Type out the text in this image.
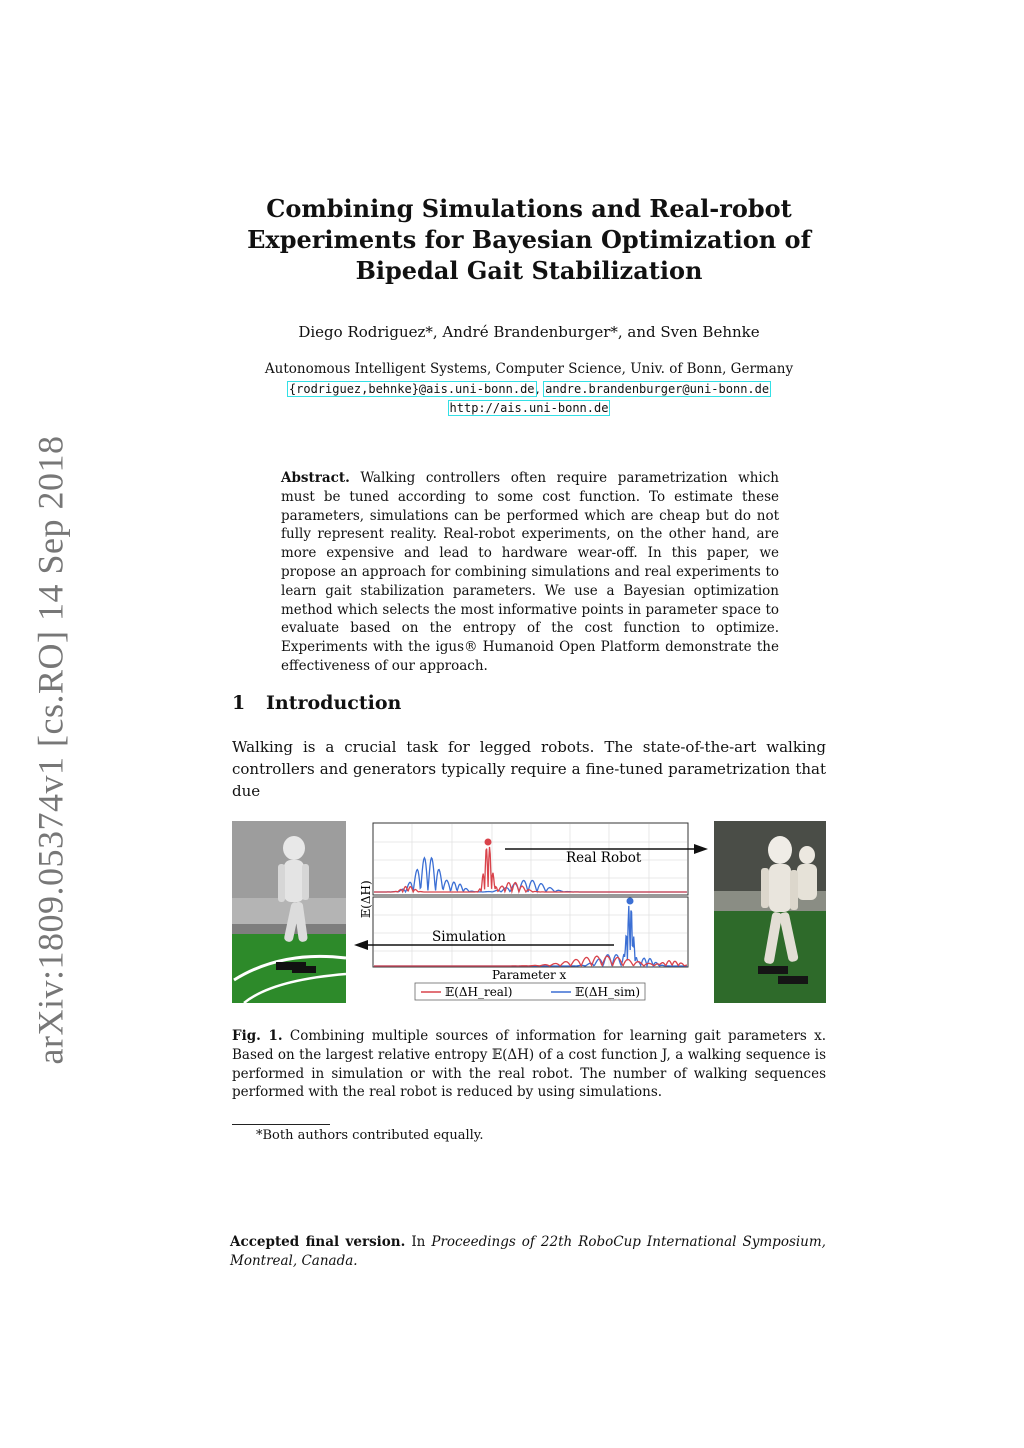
arXiv:1809.05374v1 [cs.RO] 14 Sep 2018
Combining Simulations and Real-robot
Experiments for Bayesian Optimization of
Bipedal Gait Stabilization
Diego Rodriguez*, André Brandenburger*, and Sven Behnke
Autonomous Intelligent Systems, Computer Science, Univ. of Bonn, Germany
{rodriguez,behnke}@ais.uni-bonn.de, andre.brandenburger@uni-bonn.de
http://ais.uni-bonn.de
Abstract. Walking controllers often require parametrization which must be tuned according to some cost function. To estimate these parameters, simulations can be performed which are cheap but do not fully represent reality. Real-robot experiments, on the other hand, are more expensive and lead to hardware wear-off. In this paper, we propose an approach for combining simulations and real experiments to learn gait stabilization parameters. We use a Bayesian optimization method which selects the most informative points in parameter space to evaluate based on the entropy of the cost function to optimize. Experiments with the igus® Humanoid Open Platform demonstrate the effectiveness of our approach.
1 Introduction
Walking is a crucial task for legged robots. The state-of-the-art walking controllers and generators typically require a fine-tuned parametrization that due
Real Robot
Simulation
𝔼(ΔH)
Parameter x
𝔼(ΔH_real)	𝔼(ΔH_sim)
Fig. 1. Combining multiple sources of information for learning gait parameters x. Based on the largest relative entropy 𝔼(ΔH) of a cost function J, a walking sequence is performed in simulation or with the real robot. The number of walking sequences performed with the real robot is reduced by using simulations.
*Both authors contributed equally.
Accepted final version. In Proceedings of 22th RoboCup International Symposium, Montreal, Canada.
